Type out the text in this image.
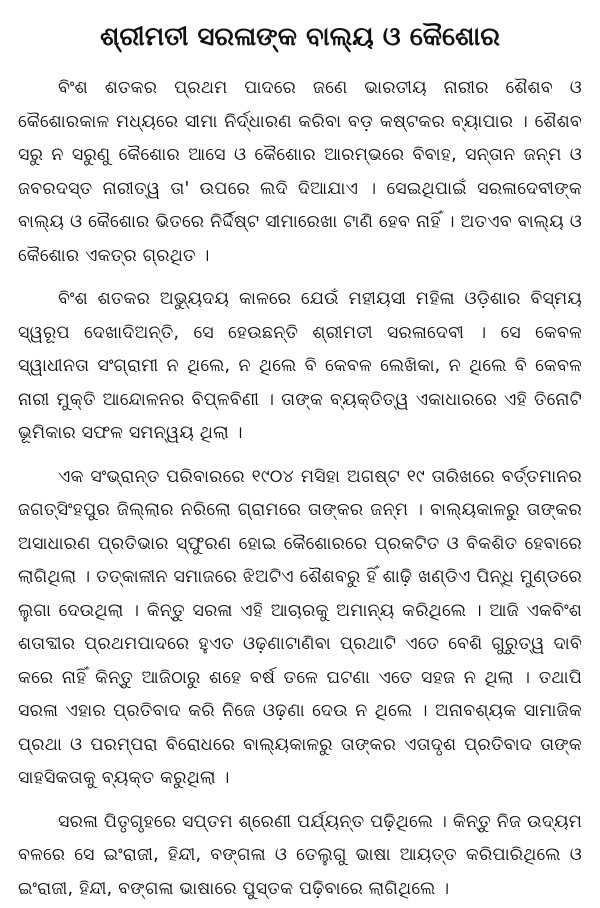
ଶ୍ରୀମତୀ ସରଳାଙ୍କ ବାଲ୍ୟ ଓ କୈଶୋର

ବିଂଶ ଶତକର ପ୍ରଥମ ପାଦରେ ଜଣେ ଭାରତୀୟ ନାରୀର ଶୈଶବ ଓ କୈଶୋରକାଳ ମଧ୍ୟରେ ସୀମା ନିର୍ଦ୍ଧାରଣ କରିବା ବଡ଼ କଷ୍ଟକର ବ୍ୟାପାର । ଶୈଶବ ସରୁ ନ ସରୁଣୁ କୈଶୋର ଆସେ ଓ କୈଶୋର ଆରମ୍ଭରେ ବିବାହ, ସନ୍ତାନ ଜନ୍ମ ଓ ଜବରଦସ୍ତ ନାରୀତ୍ୱ ତା' ଉପରେ ଲଦି ଦିଆଯାଏ । ସେଇଥିପାଇଁ ସରଳାଦେବୀଙ୍କ ବାଲ୍ୟ ଓ କୈଶୋର ଭିତରେ ନିର୍ଦ୍ଦିଷ୍ଟ ସୀମାରେଖା ଟାଣି ହେବ ନାହିଁ । ଅତଏବ ବାଲ୍ୟ ଓ କୈଶୋର ଏକତ୍ର ଗ୍ରଥିତ ।

ବିଂଶ ଶତକର ଅଭ୍ୟୁଦୟ କାଳରେ ଯେଉଁ ମହୀୟସୀ ମହିଳା ଓଡ଼ିଶାର ବିସ୍ମୟ ସ୍ୱରୂପ ଦେଖାଦିଅନ୍ତି, ସେ ହେଉଛନ୍ତି ଶ୍ରୀମତୀ ସରଳାଦେବୀ । ସେ କେବଳ ସ୍ୱାଧୀନତା ସଂଗ୍ରାମୀ ନ ଥିଲେ, ନ ଥିଲେ ବି କେବଳ ଲେଖିକା, ନ ଥିଲେ ବି କେବଳ ନାରୀ ମୁକ୍ତି ଆନ୍ଦୋଳନର ବିପ୍ଳବିଣୀ । ତାଙ୍କ ବ୍ୟକ୍ତିତ୍ୱ ଏକାଧାରରେ ଏହି ତିନୋଟି ଭୂମିକାର ସଫଳ ସମନ୍ୱୟ ଥିଲା ।

ଏକ ସଂଭ୍ରାନ୍ତ ପରିବାରରେ ୧୯୦୪ ମସିହା ଅଗଷ୍ଟ ୧୯ ତାରିଖରେ ବର୍ତ୍ତମାନର ଜଗତ୍‌ସିଂହପୁର ଜିଲ୍ଲାର ନରିଲୋ ଗ୍ରାମରେ ତାଙ୍କର ଜନ୍ମ । ବାଲ୍ୟକାଳରୁ ତାଙ୍କର ଅସାଧାରଣ ପ୍ରତିଭାର ସ୍ଫୁରଣ ହୋଇ କୈଶୋରରେ ପ୍ରକଟିତ ଓ ବିକଶିତ ହେବାରେ ଲାଗିଥିଲା । ତତ୍କାଳୀନ ସମାଜରେ ଝିଅଟିଏ ଶୈଶବରୁ ହିଁ ଶାଢ଼ି ଖଣ୍ଡିଏ ପିନ୍ଧି ମୁଣ୍ଡରେ ଲୁଗା ଦେଉଥିଲା । କିନ୍ତୁ ସରଳା ଏହି ଆଚାରକୁ ଅମାନ୍ୟ କରିଥିଲେ । ଆଜି ଏକବିଂଶ ଶତାବ୍ଦୀର ପ୍ରଥମପାଦରେ ହୁଏତ ଓଢ଼ଣାଟାଣିବା ପ୍ରଥାଟି ଏତେ ବେଶି ଗୁରୁତ୍ୱ ଦାବି କରେ ନାହିଁ କିନ୍ତୁ ଆଜିଠାରୁ ଶହେ ବର୍ଷ ତଳେ ଘଟଣା ଏତେ ସହଜ ନ ଥିଲା । ତଥାପି ସରଳା ଏହାର ପ୍ରତିବାଦ କରି ନିଜେ ଓଢ଼ଣା ଦେଉ ନ ଥିଲେ । ଅନାବଶ୍ୟକ ସାମାଜିକ ପ୍ରଥା ଓ ପରମ୍ପରା ବିରୋଧରେ ବାଲ୍ୟକାଳରୁ ତାଙ୍କର ଏତାଦୃଶ ପ୍ରତିବାଦ ତାଙ୍କ ସାହସିକତାକୁ ବ୍ୟକ୍ତ କରୁଥିଲା ।

ସରଳା ପିତୃଗୃହରେ ସପ୍ତମ ଶ୍ରେଣୀ ପର୍ଯ୍ୟନ୍ତ ପଢ଼ିଥିଲେ । କିନ୍ତୁ ନିଜ ଉଦ୍ୟମ ବଳରେ ସେ ଇଂରାଜୀ, ହିନ୍ଦୀ, ବଙ୍ଗଳା ଓ ତେଲୁଗୁ ଭାଷା ଆୟତ୍ତ କରିପାରିଥିଲେ ଓ ଇଂରାଜୀ, ହିନ୍ଦୀ, ବଙ୍ଗଳା ଭାଷାରେ ପୁସ୍ତକ ପଢ଼ିବାରେ ଲାଗିଥିଲେ ।
